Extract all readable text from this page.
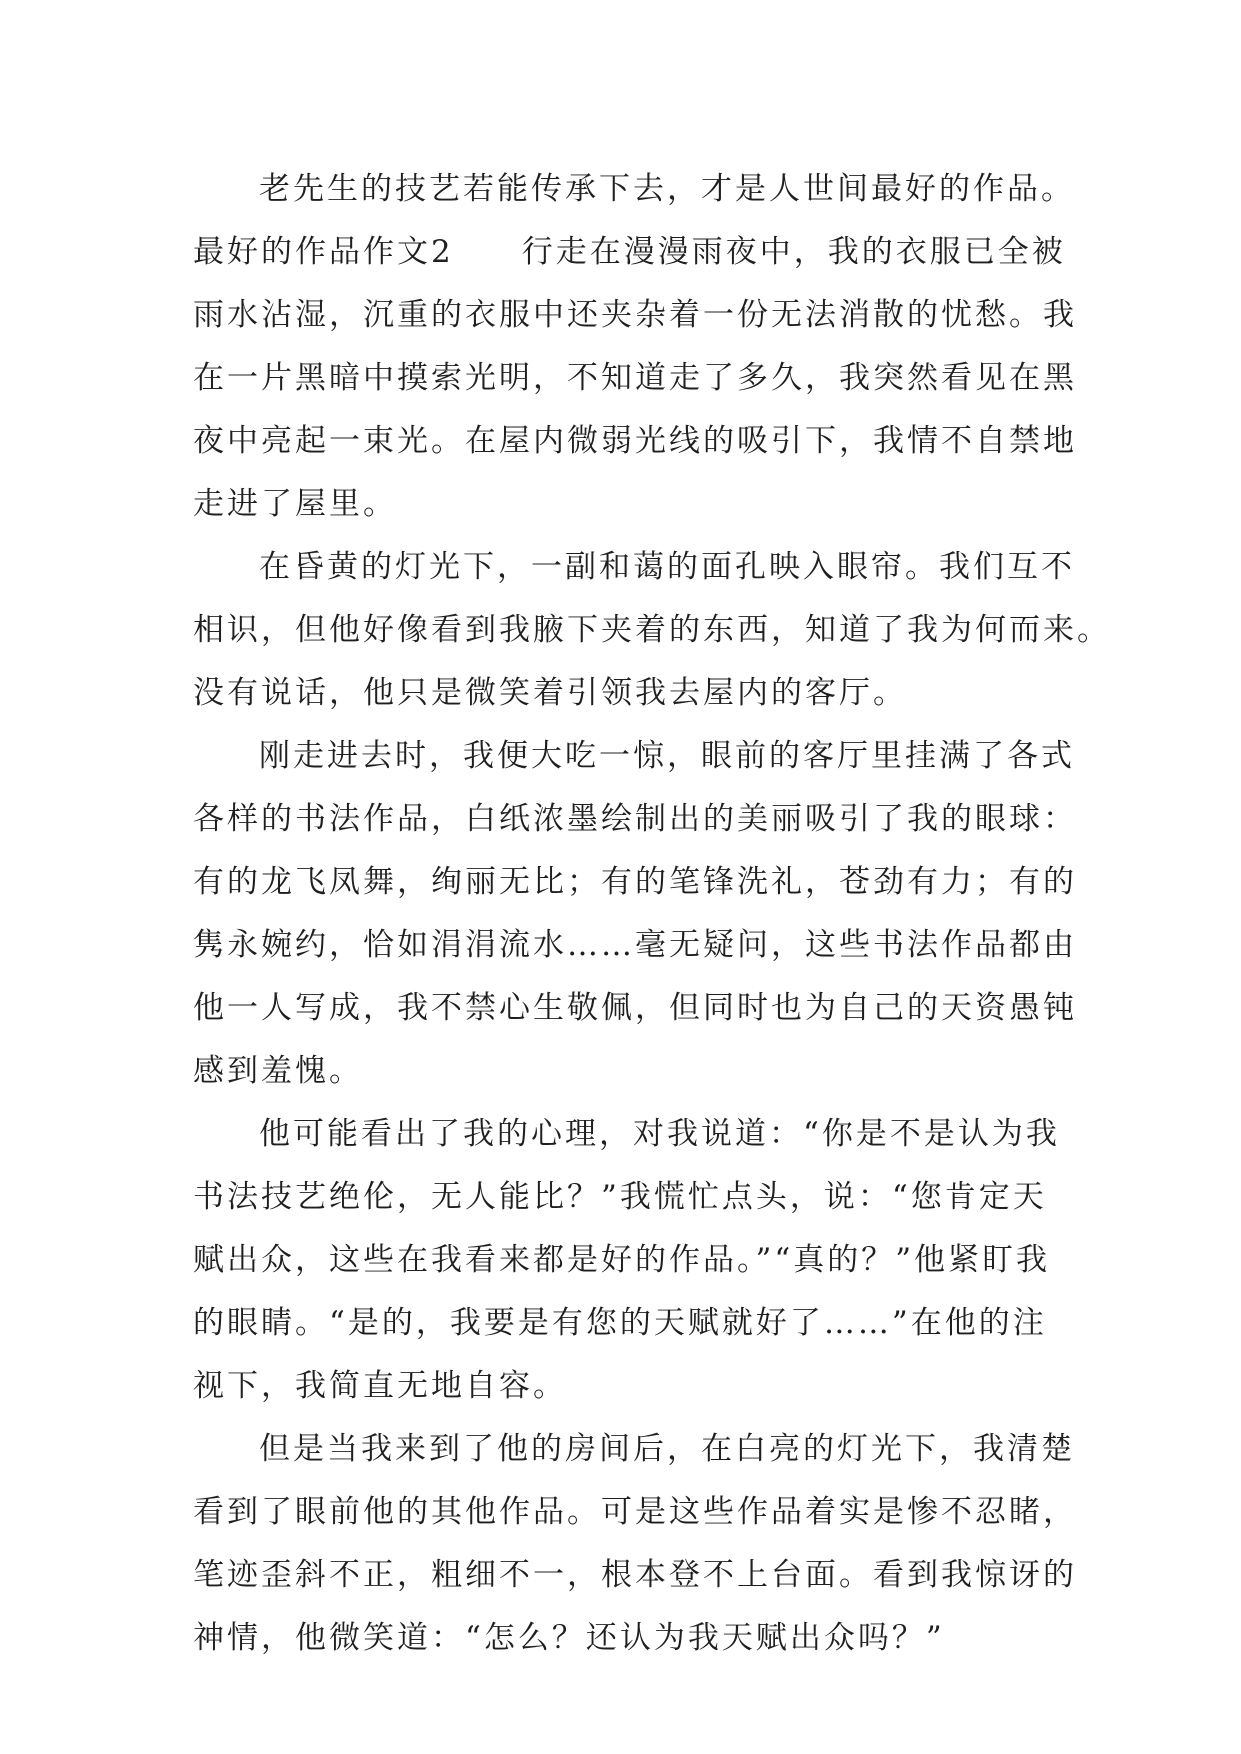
老先生的技艺若能传承下去，才是人世间最好的作品。
最好的作品作文2　　行走在漫漫雨夜中，我的衣服已全被
雨水沾湿，沉重的衣服中还夹杂着一份无法消散的忧愁。我
在一片黑暗中摸索光明，不知道走了多久，我突然看见在黑
夜中亮起一束光。在屋内微弱光线的吸引下，我情不自禁地
走进了屋里。
在昏黄的灯光下，一副和蔼的面孔映入眼帘。我们互不
相识，但他好像看到我腋下夹着的东西，知道了我为何而来。
没有说话，他只是微笑着引领我去屋内的客厅。
刚走进去时，我便大吃一惊，眼前的客厅里挂满了各式
各样的书法作品，白纸浓墨绘制出的美丽吸引了我的眼球：
有的龙飞凤舞，绚丽无比；有的笔锋洗礼，苍劲有力；有的
隽永婉约，恰如涓涓流水……毫无疑问，这些书法作品都由
他一人写成，我不禁心生敬佩，但同时也为自己的天资愚钝
感到羞愧。
他可能看出了我的心理，对我说道：“你是不是认为我
书法技艺绝伦，无人能比？”我慌忙点头，说：“您肯定天
赋出众，这些在我看来都是好的作品。”“真的？”他紧盯我
的眼睛。“是的，我要是有您的天赋就好了……”在他的注
视下，我简直无地自容。
但是当我来到了他的房间后，在白亮的灯光下，我清楚
看到了眼前他的其他作品。可是这些作品着实是惨不忍睹，
笔迹歪斜不正，粗细不一，根本登不上台面。看到我惊讶的
神情，他微笑道：“怎么？还认为我天赋出众吗？”
